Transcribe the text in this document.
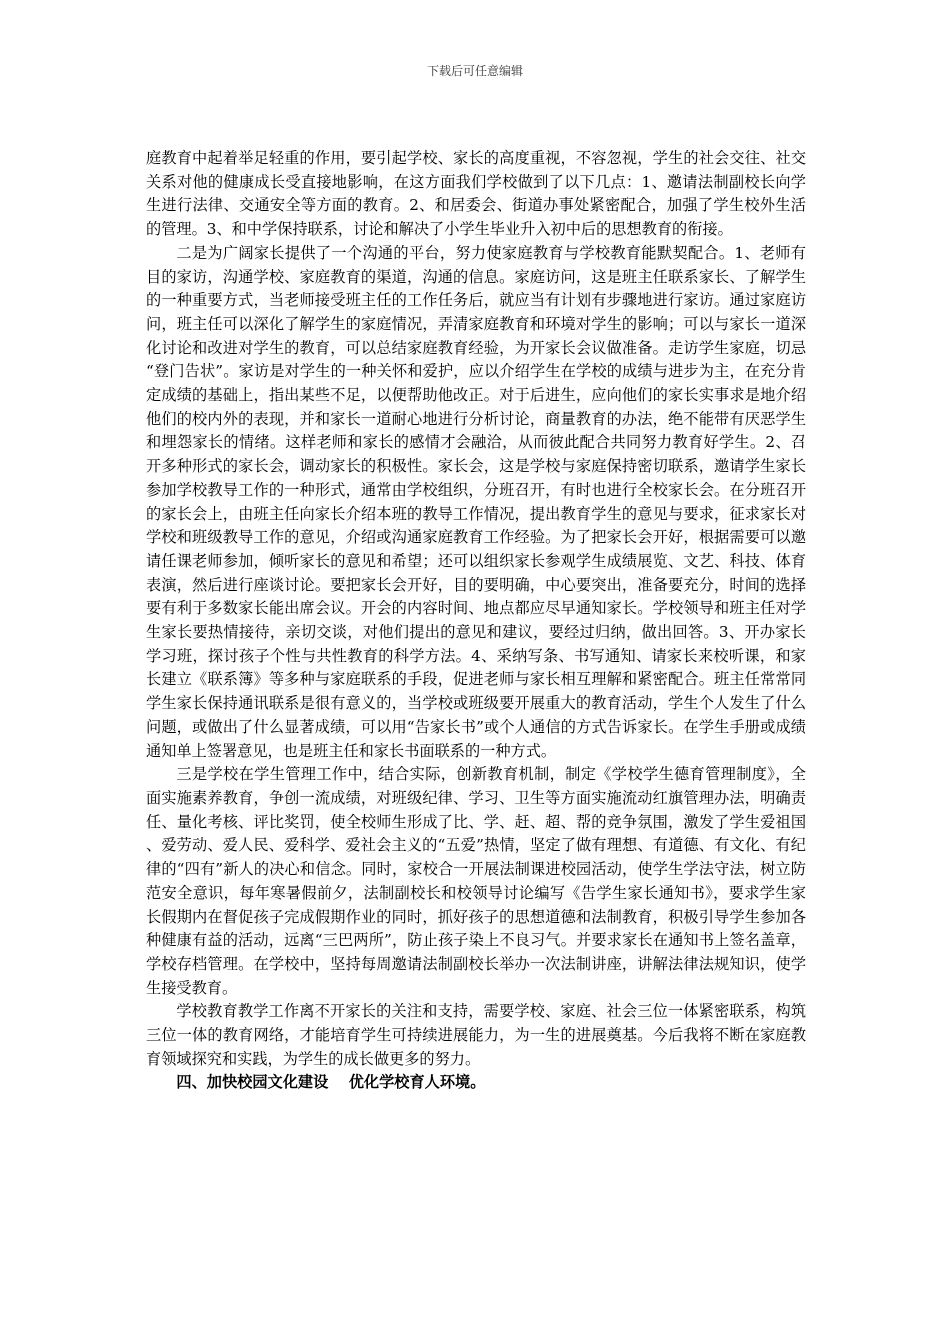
下载后可任意编辑

庭教育中起着举足轻重的作用，要引起学校、家长的高度重视，不容忽视，学生的社会交往、社交关系对他的健康成长受直接地影响，在这方面我们学校做到了以下几点：1、邀请法制副校长向学生进行法律、交通安全等方面的教育。2、和居委会、街道办事处紧密配合，加强了学生校外生活的管理。3、和中学保持联系，讨论和解决了小学生毕业升入初中后的思想教育的衔接。

二是为广阔家长提供了一个沟通的平台，努力使家庭教育与学校教育能默契配合。1、老师有目的家访，沟通学校、家庭教育的渠道，沟通的信息。家庭访问，这是班主任联系家长、了解学生的一种重要方式，当老师接受班主任的工作任务后，就应当有计划有步骤地进行家访。通过家庭访问，班主任可以深化了解学生的家庭情况，弄清家庭教育和环境对学生的影响；可以与家长一道深化讨论和改进对学生的教育，可以总结家庭教育经验，为开家长会议做准备。走访学生家庭，切忌“登门告状”。家访是对学生的一种关怀和爱护，应以介绍学生在学校的成绩与进步为主，在充分肯定成绩的基础上，指出某些不足，以便帮助他改正。对于后进生，应向他们的家长实事求是地介绍他们的校内外的表现，并和家长一道耐心地进行分析讨论，商量教育的办法，绝不能带有厌恶学生和埋怨家长的情绪。这样老师和家长的感情才会融洽，从而彼此配合共同努力教育好学生。2、召开多种形式的家长会，调动家长的积极性。家长会，这是学校与家庭保持密切联系，邀请学生家长参加学校教导工作的一种形式，通常由学校组织，分班召开，有时也进行全校家长会。在分班召开的家长会上，由班主任向家长介绍本班的教导工作情况，提出教育学生的意见与要求，征求家长对学校和班级教导工作的意见，介绍或沟通家庭教育工作经验。为了把家长会开好，根据需要可以邀请任课老师参加，倾听家长的意见和希望；还可以组织家长参观学生成绩展览、文艺、科技、体育表演，然后进行座谈讨论。要把家长会开好，目的要明确，中心要突出，准备要充分，时间的选择要有利于多数家长能出席会议。开会的内容时间、地点都应尽早通知家长。学校领导和班主任对学生家长要热情接待，亲切交谈，对他们提出的意见和建议，要经过归纳，做出回答。3、开办家长学习班，探讨孩子个性与共性教育的科学方法。4、采纳写条、书写通知、请家长来校听课，和家长建立《联系簿》等多种与家庭联系的手段，促进老师与家长相互理解和紧密配合。班主任常常同学生家长保持通讯联系是很有意义的，当学校或班级要开展重大的教育活动，学生个人发生了什么问题，或做出了什么显著成绩，可以用“告家长书”或个人通信的方式告诉家长。在学生手册或成绩通知单上签署意见，也是班主任和家长书面联系的一种方式。

三是学校在学生管理工作中，结合实际，创新教育机制，制定《学校学生德育管理制度》，全面实施素养教育，争创一流成绩，对班级纪律、学习、卫生等方面实施流动红旗管理办法，明确责任、量化考核、评比奖罚，使全校师生形成了比、学、赶、超、帮的竞争氛围，激发了学生爱祖国、爱劳动、爱人民、爱科学、爱社会主义的“五爱”热情，坚定了做有理想、有道德、有文化、有纪律的“四有”新人的决心和信念。同时，家校合一开展法制课进校园活动，使学生学法守法，树立防范安全意识，每年寒暑假前夕，法制副校长和校领导讨论编写《告学生家长通知书》，要求学生家长假期内在督促孩子完成假期作业的同时，抓好孩子的思想道德和法制教育，积极引导学生参加各种健康有益的活动，远离“三巴两所”，防止孩子染上不良习气。并要求家长在通知书上签名盖章，学校存档管理。在学校中，坚持每周邀请法制副校长举办一次法制讲座，讲解法律法规知识，使学生接受教育。

学校教育教学工作离不开家长的关注和支持，需要学校、家庭、社会三位一体紧密联系，构筑三位一体的教育网络，才能培育学生可持续进展能力，为一生的进展奠基。今后我将不断在家庭教育领域探究和实践，为学生的成长做更多的努力。

四、加快校园文化建设　 优化学校育人环境。
